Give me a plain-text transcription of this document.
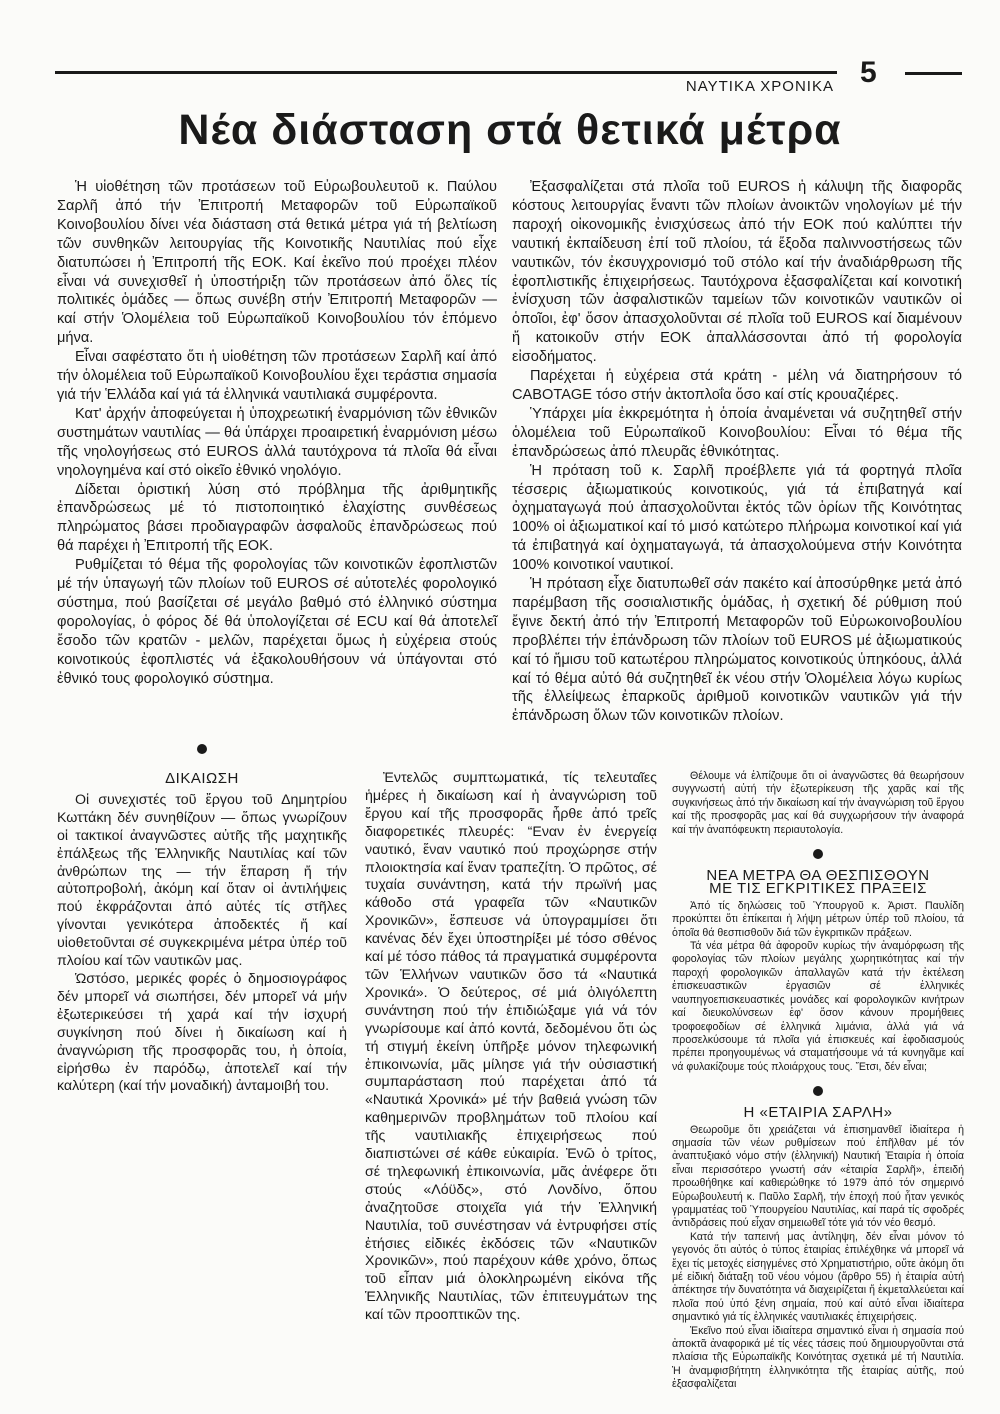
ΝΑΥΤΙΚΑ ΧΡΟΝΙΚΑ 5
Νέα διάσταση στά θετικά μέτρα

Ἡ υἱοθέτηση τῶν προτάσεων τοῦ Εὐρωβουλευτοῦ κ. Παύλου Σαρλῆ ἀπό τήν Ἐπιτροπή Μεταφορῶν τοῦ Εὐρωπαϊκοῦ Κοινοβουλίου δίνει νέα διάσταση στά θετικά μέτρα γιά τή βελτίωση τῶν συνθηκῶν λειτουργίας τῆς Κοινοτικῆς Ναυτιλίας πού εἶχε διατυπώσει ἡ Ἐπιτροπή τῆς ΕΟΚ. Καί ἐκεῖνο πού προέχει πλέον εἶναι νά συνεχισθεῖ ἡ ὑποστήριξη τῶν προτάσεων ἀπό ὅλες τίς πολιτικές ὁμάδες — ὅπως συνέβη στήν Ἐπιτροπή Μεταφορῶν — καί στήν Ὁλομέλεια τοῦ Εὐρωπαϊκοῦ Κοινοβουλίου τόν ἑπόμενο μήνα.

Εἶναι σαφέστατο ὅτι ἡ υἱοθέτηση τῶν προτάσεων Σαρλῆ καί ἀπό τήν ὁλομέλεια τοῦ Εὐρωπαϊκοῦ Κοινοβουλίου ἔχει τεράστια σημασία γιά τήν Ἑλλάδα καί γιά τά ἑλληνικά ναυτιλιακά συμφέροντα.

Κατ' ἀρχήν ἀποφεύγεται ἡ ὑποχρεωτική ἐναρμόνιση τῶν ἐθνικῶν συστημάτων ναυτιλίας — θά ὑπάρχει προαιρετική ἐναρμόνιση μέσω τῆς νηολογήσεως στό EUROS ἀλλά ταυτόχρονα τά πλοῖα θά εἶναι νηολογημένα καί στό οἰκεῖο ἐθνικό νηολόγιο.

Δίδεται ὁριστική λύση στό πρόβλημα τῆς ἀριθμητικῆς ἐπανδρώσεως μέ τό πιστοποιητικό ἐλαχίστης συνθέσεως πληρώματος βάσει προδιαγραφῶν ἀσφαλοῦς ἐπανδρώσεως πού θά παρέχει ἡ Ἐπιτροπή τῆς ΕΟΚ.

Ρυθμίζεται τό θέμα τῆς φορολογίας τῶν κοινοτικῶν ἐφοπλιστῶν μέ τήν ὑπαγωγή τῶν πλοίων τοῦ EUROS σέ αὐτοτελές φορολογικό σύστημα, πού βασίζεται σέ μεγάλο βαθμό στό ἑλληνικό σύστημα φορολογίας, ὁ φόρος δέ θά ὑπολογίζεται σέ ECU καί θά ἀποτελεῖ ἔσοδο τῶν κρατῶν - μελῶν, παρέχεται ὅμως ἡ εὐχέρεια στούς κοινοτικούς ἐφοπλιστές νά ἐξακολουθήσουν νά ὑπάγονται στό ἐθνικό τους φορολογικό σύστημα.

Ἐξασφαλίζεται στά πλοῖα τοῦ EUROS ἡ κάλυψη τῆς διαφορᾶς κόστους λειτουργίας ἔναντι τῶν πλοίων ἀνοικτῶν νηολογίων μέ τήν παροχή οἰκονομικῆς ἐνισχύσεως ἀπό τήν ΕΟΚ πού καλύπτει τήν ναυτική ἐκπαίδευση ἐπί τοῦ πλοίου, τά ἔξοδα παλιννοστήσεως τῶν ναυτικῶν, τόν ἐκσυγχρονισμό τοῦ στόλο καί τήν ἀναδιάρθρωση τῆς ἐφοπλιστικῆς ἐπιχειρήσεως. Ταυτόχρονα ἐξασφαλίζεται καί κοινοτική ἐνίσχυση τῶν ἀσφαλιστικῶν ταμείων τῶν κοινοτικῶν ναυτικῶν οἱ ὁποῖοι, ἐφ' ὅσον ἀπασχολοῦνται σέ πλοῖα τοῦ EUROS καί διαμένουν ἤ κατοικοῦν στήν ΕΟΚ ἀπαλλάσσονται ἀπό τή φορολογία εἰσοδήματος.

Παρέχεται ἡ εὐχέρεια στά κράτη - μέλη νά διατηρήσουν τό CABOTAGE τόσο στήν ἀκτοπλοΐα ὅσο καί στίς κρουαζιέρες.

Ὑπάρχει μία ἐκκρεμότητα ἡ ὁποία ἀναμένεται νά συζητηθεῖ στήν ὁλομέλεια τοῦ Εὐρωπαϊκοῦ Κοινοβουλίου: Εἶναι τό θέμα τῆς ἐπανδρώσεως ἀπό πλευρᾶς ἐθνικότητας.

Ἡ πρόταση τοῦ κ. Σαρλῆ προέβλεπε γιά τά φορτηγά πλοῖα τέσσερις ἀξιωματικούς κοινοτικούς, γιά τά ἐπιβατηγά καί ὀχηματαγωγά πού ἀπασχολοῦνται ἐκτός τῶν ὁρίων τῆς Κοινότητας 100% οἱ ἀξιωματικοί καί τό μισό κατώτερο πλήρωμα κοινοτικοί καί γιά τά ἐπιβατηγά καί ὀχηματαγωγά, τά ἀπασχολούμενα στήν Κοινότητα 100% κοινοτικοί ναυτικοί.

Ἡ πρόταση εἶχε διατυπωθεῖ σάν πακέτο καί ἀποσύρθηκε μετά ἀπό παρέμβαση τῆς σοσιαλιστικῆς ὁμάδας, ἡ σχετική δέ ρύθμιση πού ἔγινε δεκτή ἀπό τήν Ἐπιτροπή Μεταφορῶν τοῦ Εὐρωκοινοβουλίου προβλέπει τήν ἐπάνδρωση τῶν πλοίων τοῦ EUROS μέ ἀξιωματικούς καί τό ἥμισυ τοῦ κατωτέρου πληρώματος κοινοτικούς ὑπηκόους, ἀλλά καί τό θέμα αὐτό θά συζητηθεῖ ἐκ νέου στήν Ὁλομέλεια λόγω κυρίως τῆς ἐλλείψεως ἐπαρκοῦς ἀριθμοῦ κοινοτικῶν ναυτικῶν γιά τήν ἐπάνδρωση ὅλων τῶν κοινοτικῶν πλοίων.

ΔΙΚΑΙΩΣΗ

Οἱ συνεχιστές τοῦ ἔργου τοῦ Δημητρίου Κωττάκη δέν συνηθίζουν — ὅπως γνωρίζουν οἱ τακτικοί ἀναγνῶστες αὐτῆς τῆς μαχητικῆς ἐπάλξεως τῆς Ἑλληνικῆς Ναυτιλίας καί τῶν ἀνθρώπων της — τήν ἔπαρση ἤ τήν αὐτοπροβολή, ἀκόμη καί ὅταν οἱ ἀντιλήψεις πού ἐκφράζονται ἀπό αὐτές τίς στῆλες γίνονται γενικότερα ἀποδεκτές ἤ καί υἱοθετοῦνται σέ συγκεκριμένα μέτρα ὑπέρ τοῦ πλοίου καί τῶν ναυτικῶν μας.

Ὡστόσο, μερικές φορές ὁ δημοσιογράφος δέν μπορεῖ νά σιωπήσει, δέν μπορεῖ νά μήν ἐξωτερικεύσει τή χαρά καί τήν ἰσχυρή συγκίνηση πού δίνει ἡ δικαίωση καί ἡ ἀναγνώριση τῆς προσφορᾶς του, ἡ ὁποία, εἰρήσθω ἐν παρόδῳ, ἀποτελεῖ καί τήν καλύτερη (καί τήν μοναδική) ἀνταμοιβή του.

Ἐντελῶς συμπτωματικά, τίς τελευταῖες ἡμέρες ἡ δικαίωση καί ἡ ἀναγνώριση τοῦ ἔργου καί τῆς προσφορᾶς ἦρθε ἀπό τρεῖς διαφορετικές πλευρές: “Εναν ἐν ἐνεργείᾳ ναυτικό, ἕναν ναυτικό πού προχώρησε στήν πλοιοκτησία καί ἕναν τραπεζίτη. Ὁ πρῶτος, σέ τυχαία συνάντηση, κατά τήν πρωϊνή μας κάθοδο στά γραφεῖα τῶν «Ναυτικῶν Χρονικῶν», ἔσπευσε νά ὑπογραμμίσει ὅτι κανένας δέν ἔχει ὑποστηρίξει μέ τόσο σθένος καί μέ τόσο πάθος τά πραγματικά συμφέροντα τῶν Ἑλλήνων ναυτικῶν ὅσο τά «Ναυτικά Χρονικά». Ὁ δεύτερος, σέ μιά ὁλιγόλεπτη συνάντηση πού τήν ἐπιδιώξαμε γιά νά τόν γνωρίσουμε καί ἀπό κοντά, δεδομένου ὅτι ὡς τή στιγμή ἐκείνη ὑπῆρξε μόνον τηλεφωνική ἐπικοινωνία, μᾶς μίλησε γιά τήν οὐσιαστική συμπαράσταση πού παρέχεται ἀπό τά «Ναυτικά Χρονικά» μέ τήν βαθειά γνώση τῶν καθημερινῶν προβλημάτων τοῦ πλοίου καί τῆς ναυτιλιακῆς ἐπιχειρήσεως πού διαπιστώνει σέ κάθε εὐκαιρία. Ἐνῶ ὁ τρίτος, σέ τηλεφωνική ἐπικοινωνία, μᾶς ἀνέφερε ὅτι στούς «Λόϋδς», στό Λονδίνο, ὅπου ἀναζητοῦσε στοιχεῖα γιά τήν Ἑλληνική Ναυτιλία, τοῦ συνέστησαν νά ἐντρυφήσει στίς ἐτήσιες εἰδικές ἐκδόσεις τῶν «Ναυτικῶν Χρονικῶν», πού παρέχουν κάθε χρόνο, ὅπως τοῦ εἶπαν μιά ὁλοκληρωμένη εἰκόνα τῆς Ἑλληνικῆς Ναυτιλίας, τῶν ἐπιτευγμάτων της καί τῶν προοπτικῶν της.

Θέλουμε νά ἐλπίζουμε ὅτι οἱ ἀναγνῶστες θά θεωρήσουν συγγνωστή αὐτή τήν ἐξωτερίκευση τῆς χαρᾶς καί τῆς συγκινήσεως ἀπό τήν δικαίωση καί τήν ἀναγνώριση τοῦ ἔργου καί τῆς προσφορᾶς μας καί θά συγχωρήσουν τήν ἀναφορά καί τήν ἀναπόφευκτη περιαυτολογία.

ΝΕΑ ΜΕΤΡΑ ΘΑ ΘΕΣΠΙΣΘΟΥΝ
ΜΕ ΤΙΣ ΕΓΚΡΙΤΙΚΕΣ ΠΡΑΞΕΙΣ

Ἀπό τίς δηλώσεις τοῦ Ὑπουργοῦ κ. Ἀριστ. Παυλίδη προκύπτει ὅτι ἐπίκειται ἡ λήψη μέτρων ὑπέρ τοῦ πλοίου, τά ὁποῖα θά θεσπισθοῦν διά τῶν ἐγκριτικῶν πράξεων.

Τά νέα μέτρα θά ἀφοροῦν κυρίως τήν ἀναμόρφωση τῆς φορολογίας τῶν πλοίων μεγάλης χωρητικότητας καί τήν παροχή φορολογικῶν ἀπαλλαγῶν κατά τήν ἐκτέλεση ἐπισκευαστικῶν ἐργασιῶν σέ ἑλληνικές ναυπηγοεπισκευαστικές μονάδες καί φορολογικῶν κινήτρων καί διευκολύνσεων ἐφ' ὅσον κάνουν προμήθειες τροφοεφοδίων σέ ἑλληνικά λιμάνια, ἀλλά γιά νά προσελκύσουμε τά πλοῖα γιά ἐπισκευές καί ἐφοδιασμούς πρέπει προηγουμένως νά σταματήσουμε νά τά κυνηγᾶμε καί νά φυλακίζουμε τούς πλοιάρχους τους. Ἔτσι, δέν εἶναι;

Η «ΕΤΑΙΡΙΑ ΣΑΡΛΗ»

Θεωροῦμε ὅτι χρειάζεται νά ἐπισημανθεῖ ἰδιαίτερα ἡ σημασία τῶν νέων ρυθμίσεων πού ἐπῆλθαν μέ τόν ἀναπτυξιακό νόμο στήν (ἑλληνική) Ναυτική Ἑταιρία ἡ ὁποία εἶναι περισσότερο γνωστή σάν «ἑταιρία Σαρλῆ», ἐπειδή προωθήθηκε καί καθιερώθηκε τό 1979 ἀπό τόν σημερινό Εὐρωβουλευτή κ. Παῦλο Σαρλῆ, τήν ἐποχή πού ἦταν γενικός γραμματέας τοῦ Ὑπουργείου Ναυτιλίας, καί παρά τίς σφοδρές ἀντιδράσεις πού εἶχαν σημειωθεῖ τότε γιά τόν νέο θεσμό.

Κατά τήν ταπεινή μας ἀντίληψη, δέν εἶναι μόνον τό γεγονός ὅτι αὐτός ὁ τύπος ἑταιρίας ἐπιλέχθηκε νά μπορεῖ νά ἔχει τίς μετοχές εἰσηγμένες στό Χρηματιστήριο, οὔτε ἀκόμη ὅτι μέ εἰδική διάταξη τοῦ νέου νόμου (ἄρθρο 55) ἡ ἑταιρία αὐτή ἀπέκτησε τήν δυνατότητα νά διαχειρίζεται ἤ ἐκμεταλλεύεται καί πλοῖα πού ὑπό ξένη σημαία, πού καί αὐτό εἶναι ἰδιαίτερα σημαντικό γιά τίς ἑλληνικές ναυτιλιακές ἐπιχειρήσεις.

Ἐκεῖνο πού εἶναι ἰδιαίτερα σημαντικό εἶναι ἡ σημασία πού ἀποκτᾶ ἀναφορικά μέ τίς νέες τάσεις πού δημιουργοῦνται στά πλαίσια τῆς Εὐρωπαϊκῆς Κοινότητας σχετικά μέ τή Ναυτιλία. Ἡ ἀναμφισβήτητη ἑλληνικότητα τῆς ἑταιρίας αὐτῆς, πού ἐξασφαλίζεται
